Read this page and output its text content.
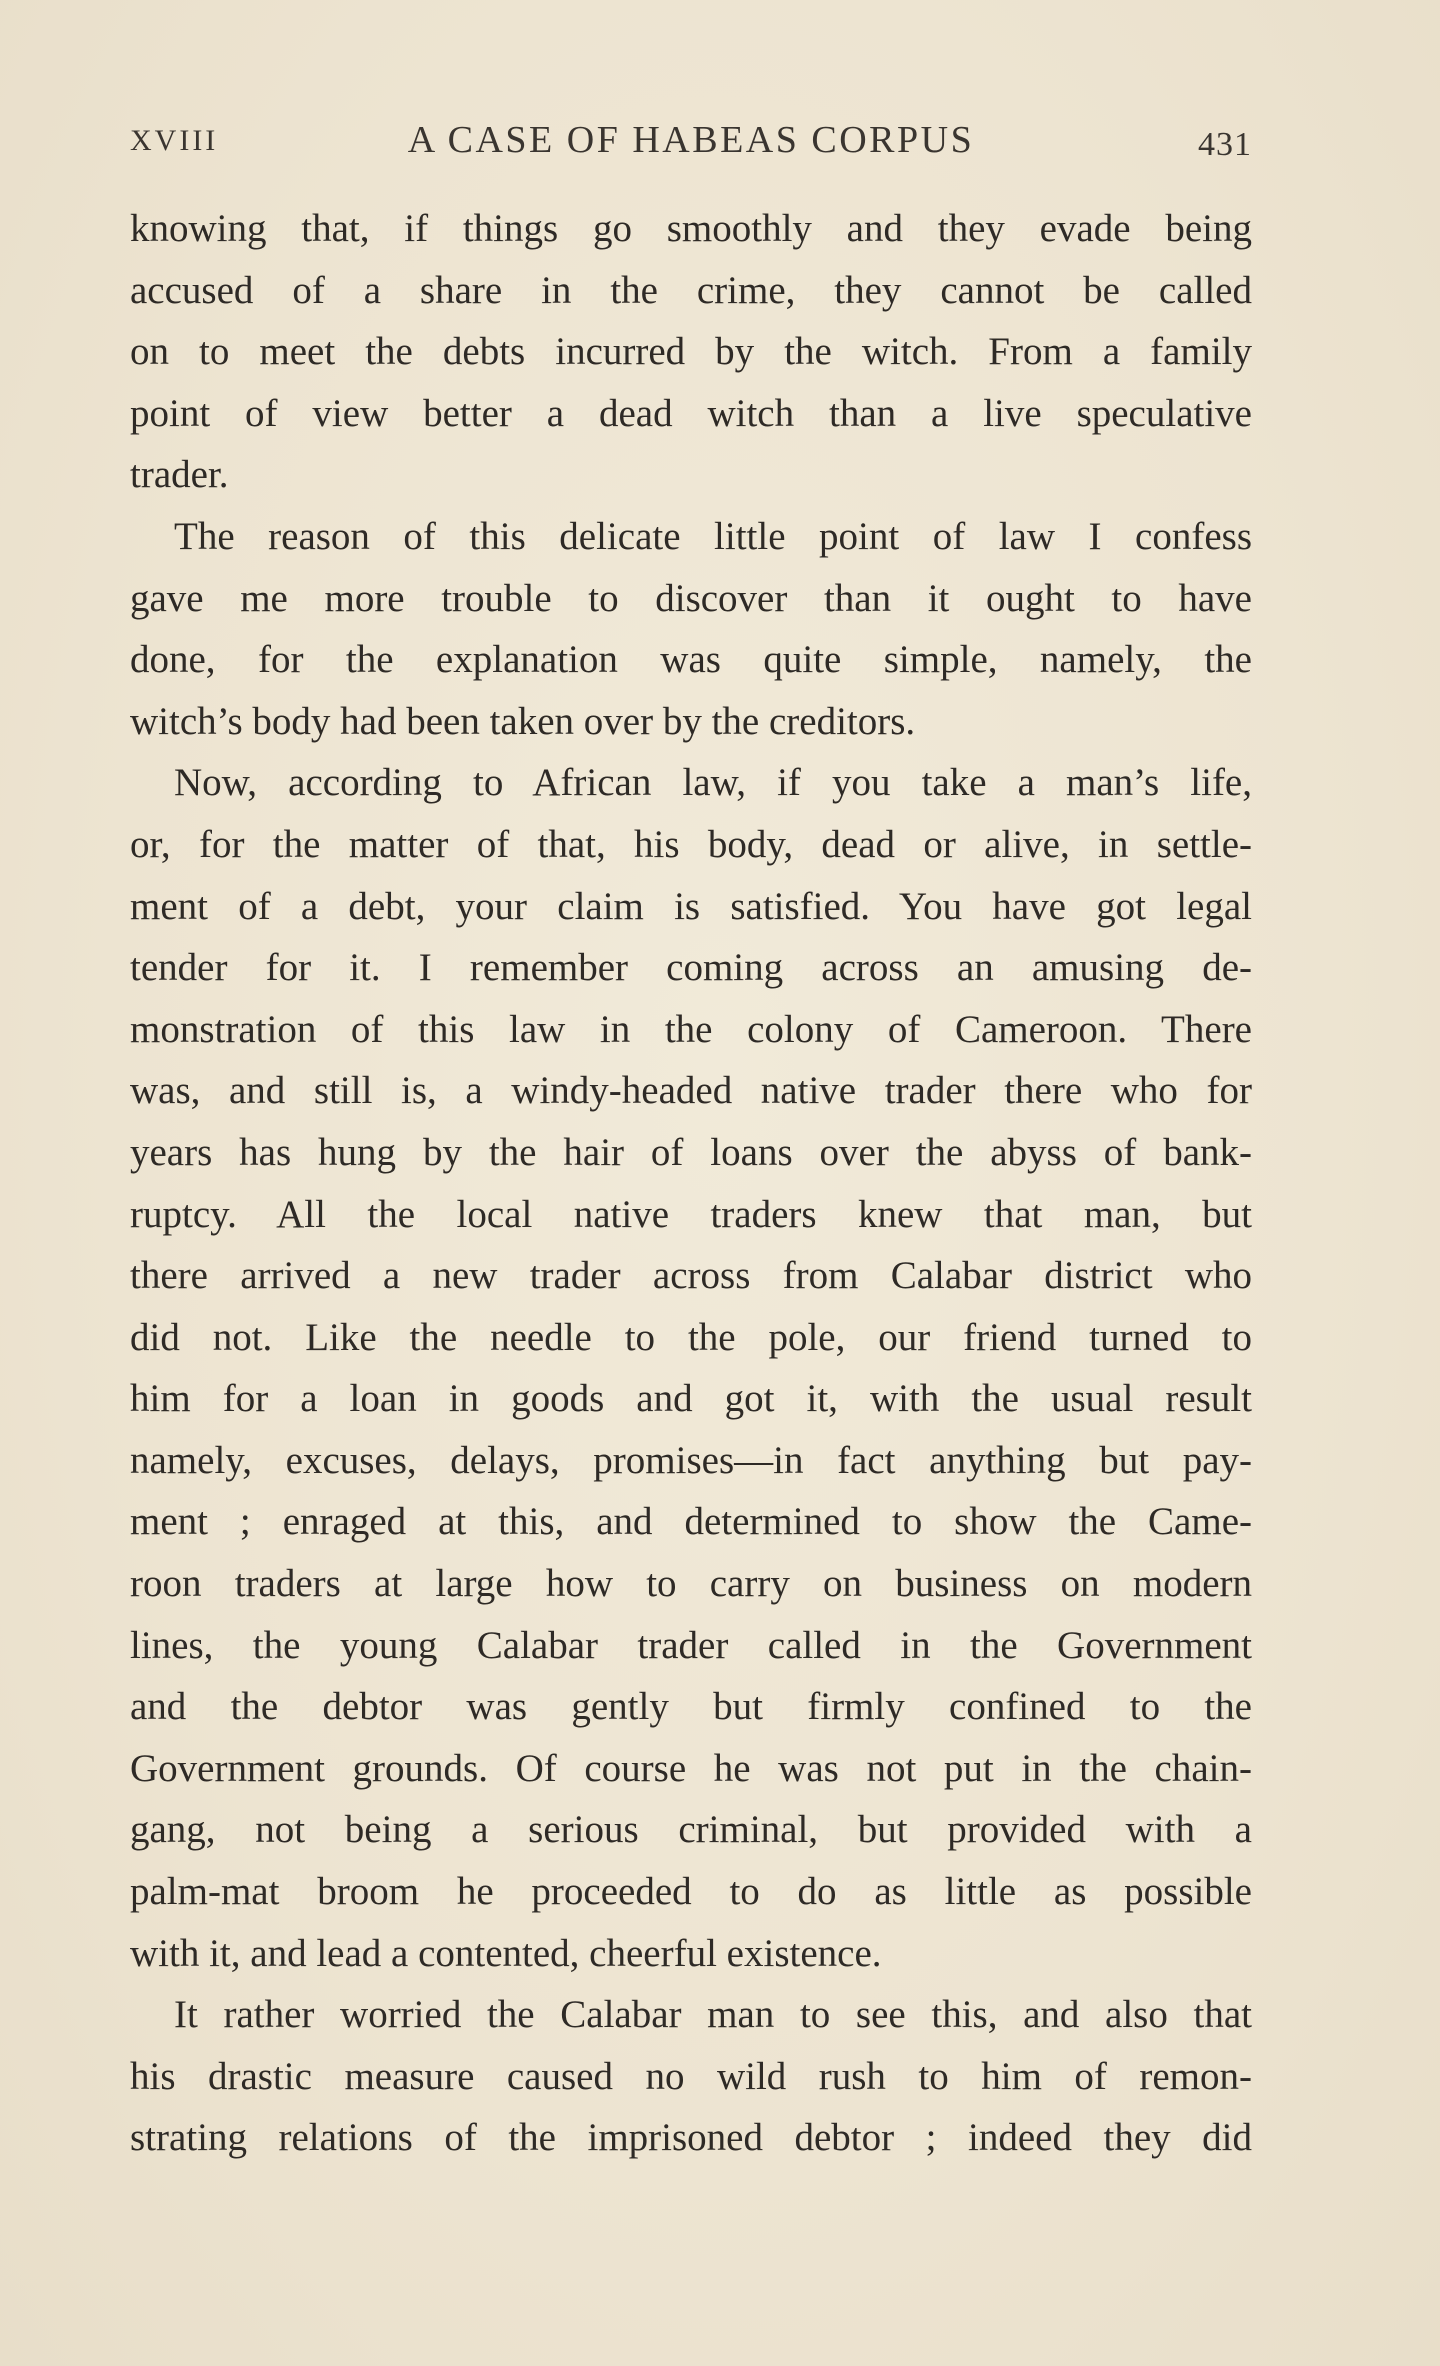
XVIII	A CASE OF HABEAS CORPUS	431
knowing that, if things go smoothly and they evade being
accused of a share in the crime, they cannot be called
on to meet the debts incurred by the witch. From a family
point of view better a dead witch than a live speculative
trader.
The reason of this delicate little point of law I confess
gave me more trouble to discover than it ought to have
done, for the explanation was quite simple, namely, the
witch’s body had been taken over by the creditors.
Now, according to African law, if you take a man’s life,
or, for the matter of that, his body, dead or alive, in settle-
ment of a debt, your claim is satisfied. You have got legal
tender for it. I remember coming across an amusing de-
monstration of this law in the colony of Cameroon. There
was, and still is, a windy-headed native trader there who for
years has hung by the hair of loans over the abyss of bank-
ruptcy. All the local native traders knew that man, but
there arrived a new trader across from Calabar district who
did not. Like the needle to the pole, our friend turned to
him for a loan in goods and got it, with the usual result
namely, excuses, delays, promises—in fact anything but pay-
ment ; enraged at this, and determined to show the Came-
roon traders at large how to carry on business on modern
lines, the young Calabar trader called in the Government
and the debtor was gently but firmly confined to the
Government grounds. Of course he was not put in the chain-
gang, not being a serious criminal, but provided with a
palm-mat broom he proceeded to do as little as possible
with it, and lead a contented, cheerful existence.
It rather worried the Calabar man to see this, and also that
his drastic measure caused no wild rush to him of remon-
strating relations of the imprisoned debtor ; indeed they did
